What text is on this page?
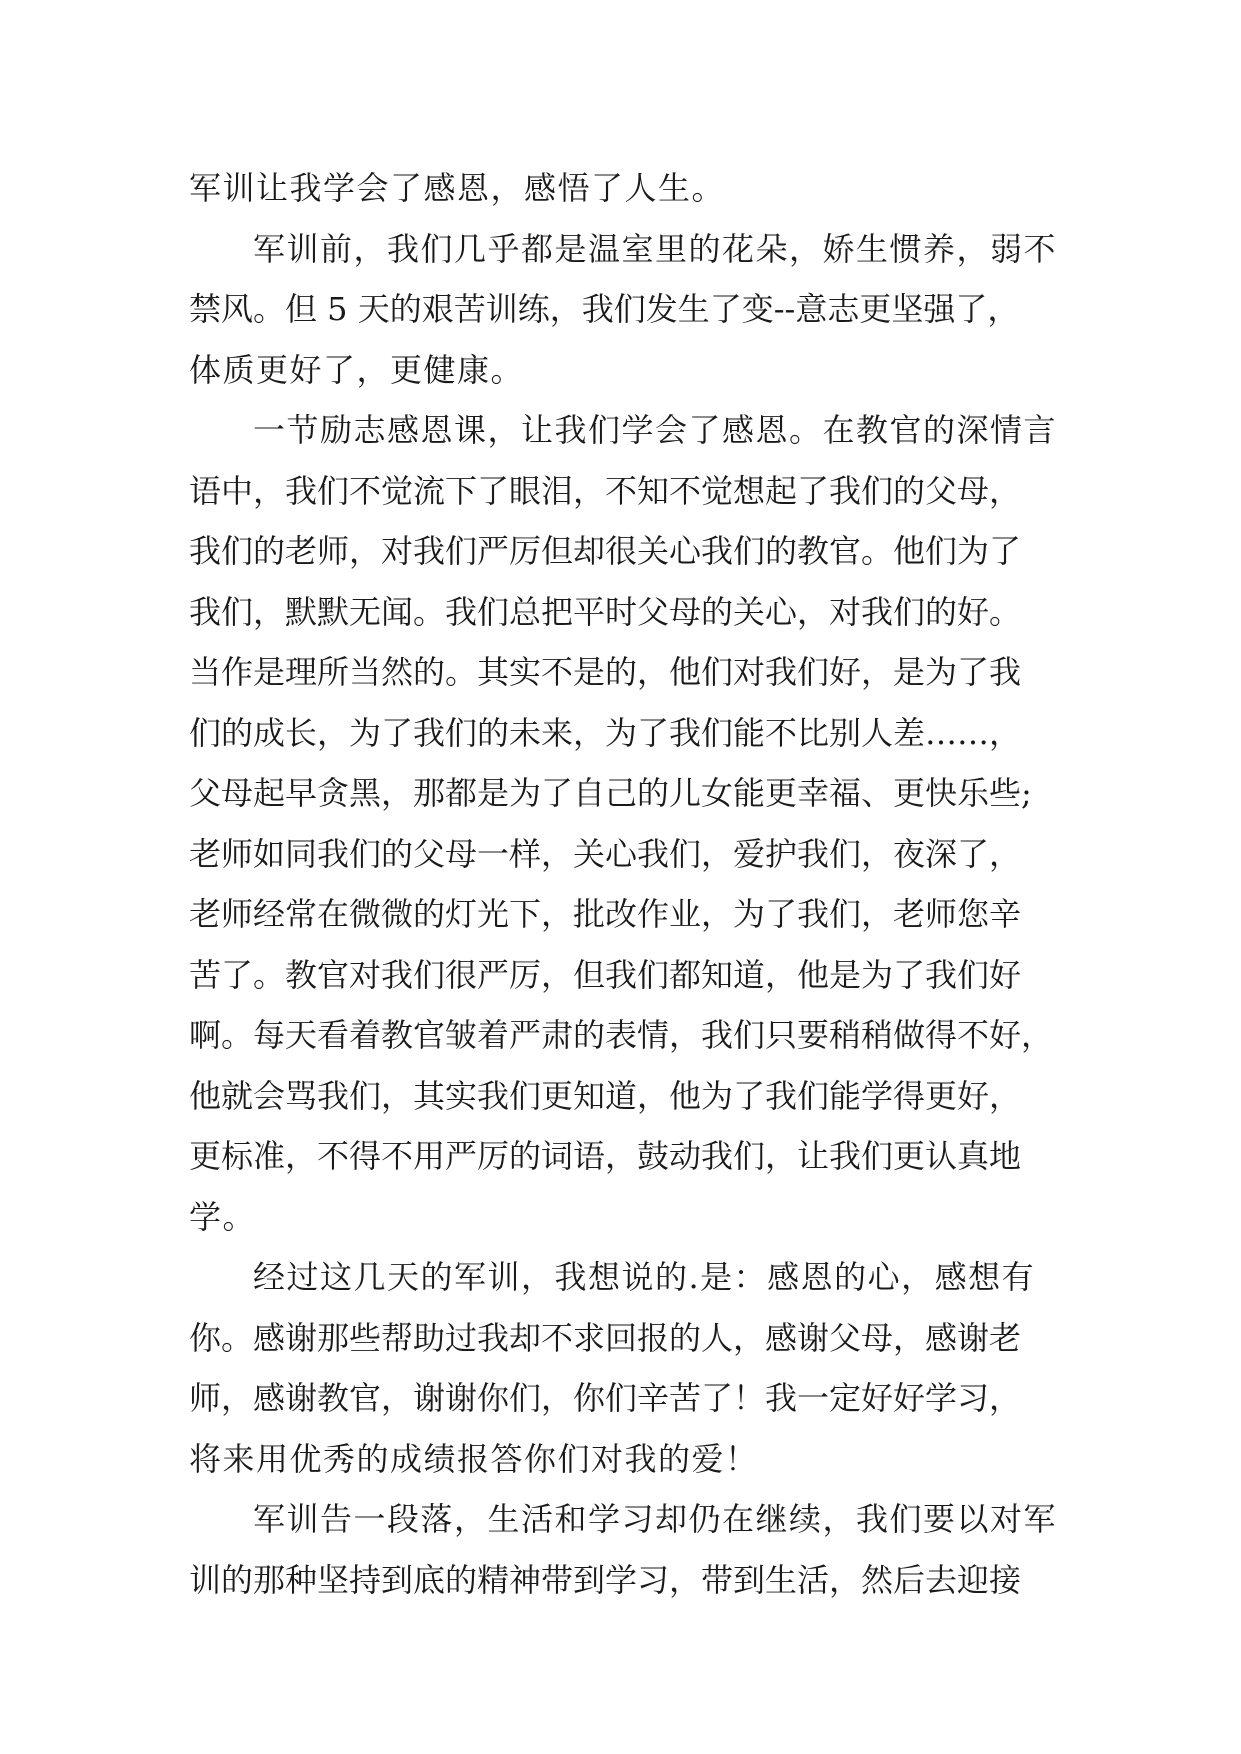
军训让我学会了感恩，感悟了人生。
军训前，我们几乎都是温室里的花朵，娇生惯养，弱不
禁风。但 5 天的艰苦训练，我们发生了变--意志更坚强了，
体质更好了，更健康。
一节励志感恩课，让我们学会了感恩。在教官的深情言
语中，我们不觉流下了眼泪，不知不觉想起了我们的父母，
我们的老师，对我们严厉但却很关心我们的教官。他们为了
我们，默默无闻。我们总把平时父母的关心，对我们的好。
当作是理所当然的。其实不是的，他们对我们好，是为了我
们的成长，为了我们的未来，为了我们能不比别人差……，
父母起早贪黑，那都是为了自己的儿女能更幸福、更快乐些;
老师如同我们的父母一样，关心我们，爱护我们，夜深了，
老师经常在微微的灯光下，批改作业，为了我们，老师您辛
苦了。教官对我们很严厉，但我们都知道，他是为了我们好
啊。每天看着教官皱着严肃的表情，我们只要稍稍做得不好，
他就会骂我们，其实我们更知道，他为了我们能学得更好，
更标准，不得不用严厉的词语，鼓动我们，让我们更认真地
学。
经过这几天的军训，我想说的.是：感恩的心，感想有
你。感谢那些帮助过我却不求回报的人，感谢父母，感谢老
师，感谢教官，谢谢你们，你们辛苦了！我一定好好学习，
将来用优秀的成绩报答你们对我的爱！
军训告一段落，生活和学习却仍在继续，我们要以对军
训的那种坚持到底的精神带到学习，带到生活，然后去迎接
